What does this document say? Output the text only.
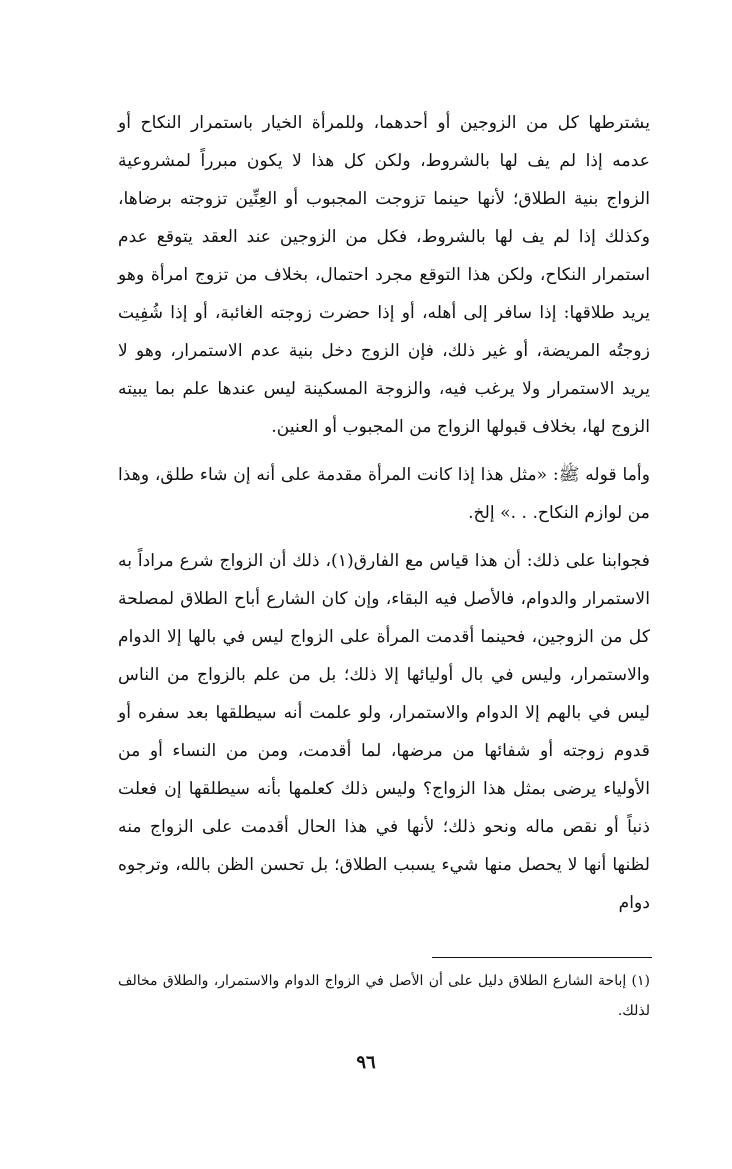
يشترطها كل من الزوجين أو أحدهما، وللمرأة الخيار باستمرار النكاح أو عدمه إذا لم يف لها بالشروط، ولكن كل هذا لا يكون مبرراً لمشروعية الزواج بنية الطلاق؛ لأنها حينما تزوجت المجبوب أو العِنِّين تزوجته برضاها، وكذلك إذا لم يف لها بالشروط، فكل من الزوجين عند العقد يتوقع عدم استمرار النكاح، ولكن هذا التوقع مجرد احتمال، بخلاف من تزوج امرأة وهو يريد طلاقها: إذا سافر إلى أهله، أو إذا حضرت زوجته الغائبة، أو إذا شُفِيت زوجتُه المريضة، أو غير ذلك، فإن الزوج دخل بنية عدم الاستمرار، وهو لا يريد الاستمرار ولا يرغب فيه، والزوجة المسكينة ليس عندها علم بما يبيته الزوج لها، بخلاف قبولها الزواج من المجبوب أو العنين.

وأما قوله ﷺ: «مثل هذا إذا كانت المرأة مقدمة على أنه إن شاء طلق، وهذا من لوازم النكاح. . .» إلخ.

فجوابنا على ذلك: أن هذا قياس مع الفارق(١)، ذلك أن الزواج شرع مراداً به الاستمرار والدوام، فالأصل فيه البقاء، وإن كان الشارع أباح الطلاق لمصلحة كل من الزوجين، فحينما أقدمت المرأة على الزواج ليس في بالها إلا الدوام والاستمرار، وليس في بال أوليائها إلا ذلك؛ بل من علم بالزواج من الناس ليس في بالهم إلا الدوام والاستمرار، ولو علمت أنه سيطلقها بعد سفره أو قدوم زوجته أو شفائها من مرضها، لما أقدمت، ومن من النساء أو من الأولياء يرضى بمثل هذا الزواج؟ وليس ذلك كعلمها بأنه سيطلقها إن فعلت ذنباً أو نقص ماله ونحو ذلك؛ لأنها في هذا الحال أقدمت على الزواج منه لظنها أنها لا يحصل منها شيء يسبب الطلاق؛ بل تحسن الظن بالله، وترجوه دوام

(١) إباحة الشارع الطلاق دليل على أن الأصل في الزواج الدوام والاستمرار، والطلاق مخالف لذلك.

٩٦
